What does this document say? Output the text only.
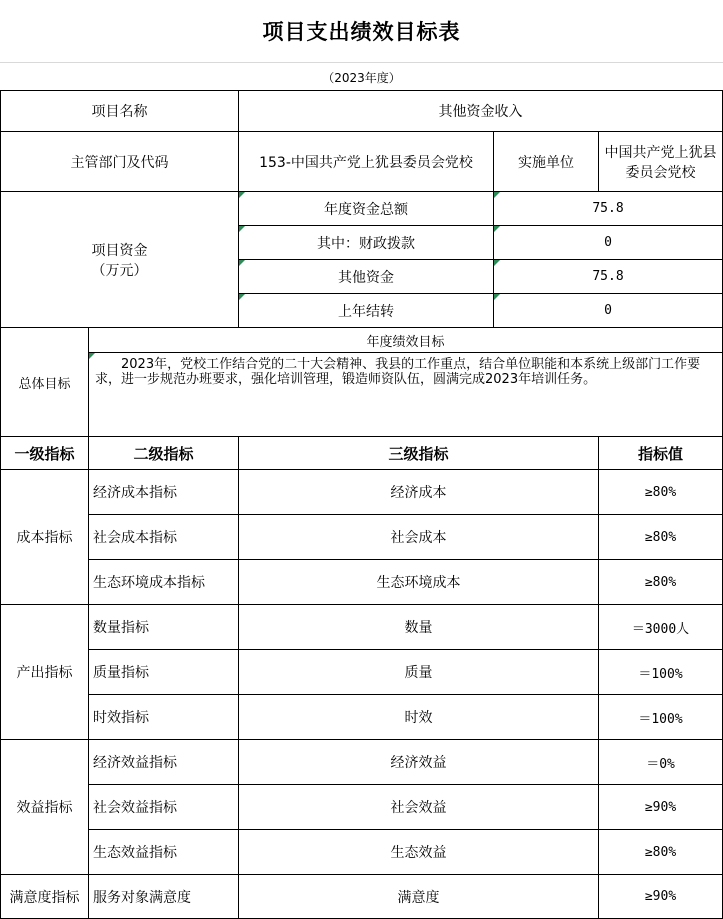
项目支出绩效目标表
（2023年度）
项目名称		其他资金收入		
主管部门及代码		153-中国共产党上犹县委员会党校	实施单位	中国共产党上犹县委员会党校

项目资金
（万元）		年度资金总额	75.8	
		其中：财政拨款	0	
		其他资金	75.8	
		上年结转	0	
总体目标	年度绩效目标			
	2023年，党校工作结合党的二十大会精神、我县的工作重点，结合单位职能和本系统上级部门工作要求，进一步规范办班要求，强化培训管理，锻造师资队伍，圆满完成2023年培训任务。			
一级指标	二级指标	三级指标		指标值
成本指标	经济成本指标	经济成本		≥80%
	社会成本指标	社会成本		≥80%
	生态环境成本指标	生态环境成本		≥80%
产出指标	数量指标	数量		＝3000人
	质量指标	质量		＝100%
	时效指标	时效		＝100%
效益指标	经济效益指标	经济效益		＝0%
	社会效益指标	社会效益		≥90%
	生态效益指标	生态效益		≥80%
满意度指标	服务对象满意度	满意度		≥90%
